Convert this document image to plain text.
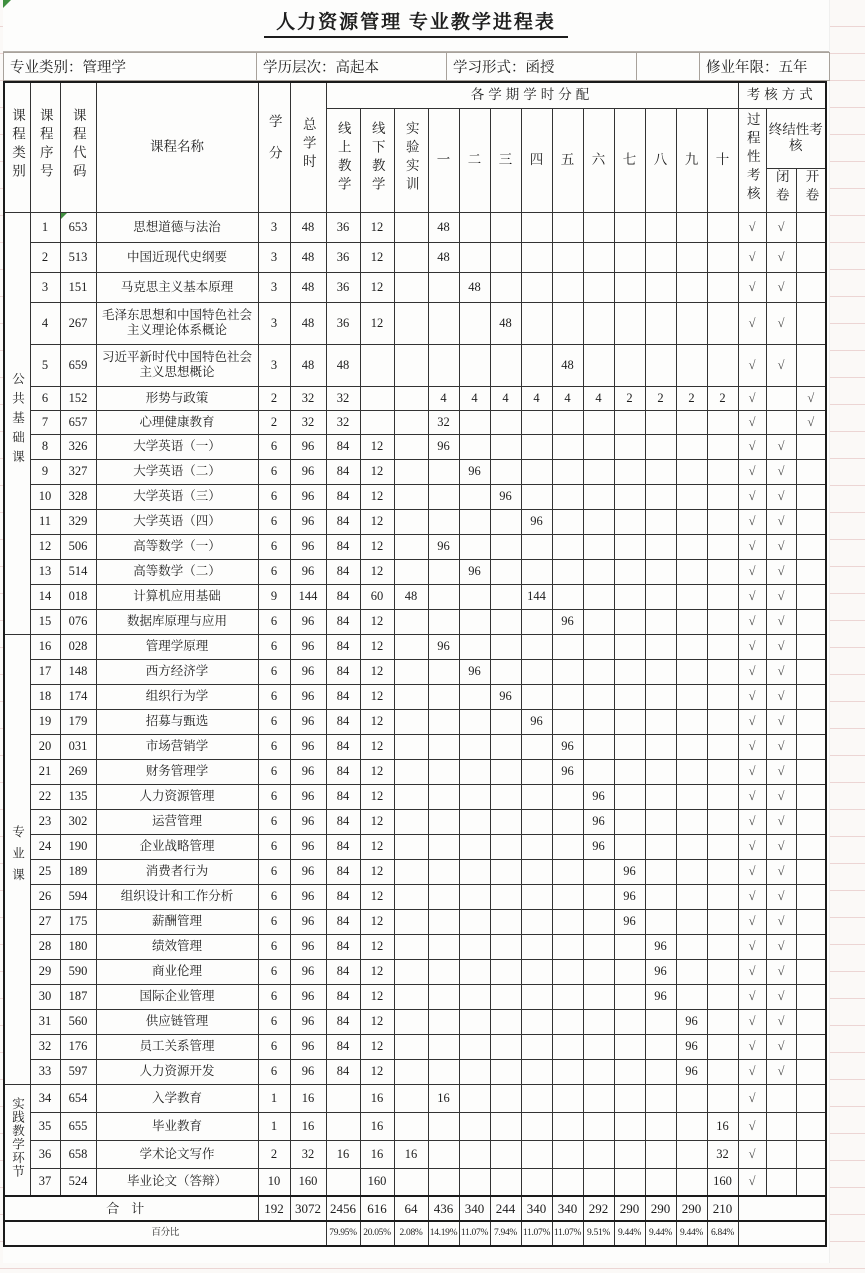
人力资源管理 专业教学进程表
专业类别：管理学	学历层次：高起本	学习形式：函授		修业年限：五年
课程类别	课程序号	课程代码	课程名称	学分	总学时	各学期学时分配													考核方式		
						线上教学	线下教学	实验实训	一	二	三	四	五	六	七	八	九	十	过程性考核	终结性考核	
																				闭卷	开卷
公共基础课	1	653	思想道德与法治	3	48	36	12		48										√	√	
	2	513	中国近现代史纲要	3	48	36	12		48										√	√	
	3	151	马克思主义基本原理	3	48	36	12			48									√	√	
	4	267	毛泽东思想和中国特色社会主义理论体系概论	3	48	36	12				48								√	√	
	5	659	习近平新时代中国特色社会主义思想概论	3	48	48							48						√	√	
	6	152	形势与政策	2	32	32			4	4	4	4	4	4	2	2	2	2	√		√
	7	657	心理健康教育	2	32	32			32										√		√
	8	326	大学英语（一）	6	96	84	12		96										√	√	
	9	327	大学英语（二）	6	96	84	12			96									√	√	
	10	328	大学英语（三）	6	96	84	12				96								√	√	
	11	329	大学英语（四）	6	96	84	12					96							√	√	
	12	506	高等数学（一）	6	96	84	12		96										√	√	
	13	514	高等数学（二）	6	96	84	12			96									√	√	
	14	018	计算机应用基础	9	144	84	60	48				144							√	√	
	15	076	数据库原理与应用	6	96	84	12						96						√	√	
专业课	16	028	管理学原理	6	96	84	12		96										√	√	
	17	148	西方经济学	6	96	84	12			96									√	√	
	18	174	组织行为学	6	96	84	12				96								√	√	
	19	179	招募与甄选	6	96	84	12					96							√	√	
	20	031	市场营销学	6	96	84	12						96						√	√	
	21	269	财务管理学	6	96	84	12						96						√	√	
	22	135	人力资源管理	6	96	84	12							96					√	√	
	23	302	运营管理	6	96	84	12							96					√	√	
	24	190	企业战略管理	6	96	84	12							96					√	√	
	25	189	消费者行为	6	96	84	12								96				√	√	
	26	594	组织设计和工作分析	6	96	84	12								96				√	√	
	27	175	薪酬管理	6	96	84	12								96				√	√	
	28	180	绩效管理	6	96	84	12									96			√	√	
	29	590	商业伦理	6	96	84	12									96			√	√	
	30	187	国际企业管理	6	96	84	12									96			√	√	
	31	560	供应链管理	6	96	84	12										96		√	√	
	32	176	员工关系管理	6	96	84	12										96		√	√	
	33	597	人力资源开发	6	96	84	12										96		√	√	
实践教学环节	34	654	入学教育	1	16		16		16										√		
	35	655	毕业教育	1	16		16											16	√		
	36	658	学术论文写作	2	32	16	16	16										32	√		
	37	524	毕业论文（答辩）	10	160		160											160	√		
合计				192	3072	2456	616	64	436	340	244	340	340	292	290	290	290	210			
百分比						79.95%	20.05%	2.08%	14.19%	11.07%	7.94%	11.07%	11.07%	9.51%	9.44%	9.44%	9.44%	6.84%			
